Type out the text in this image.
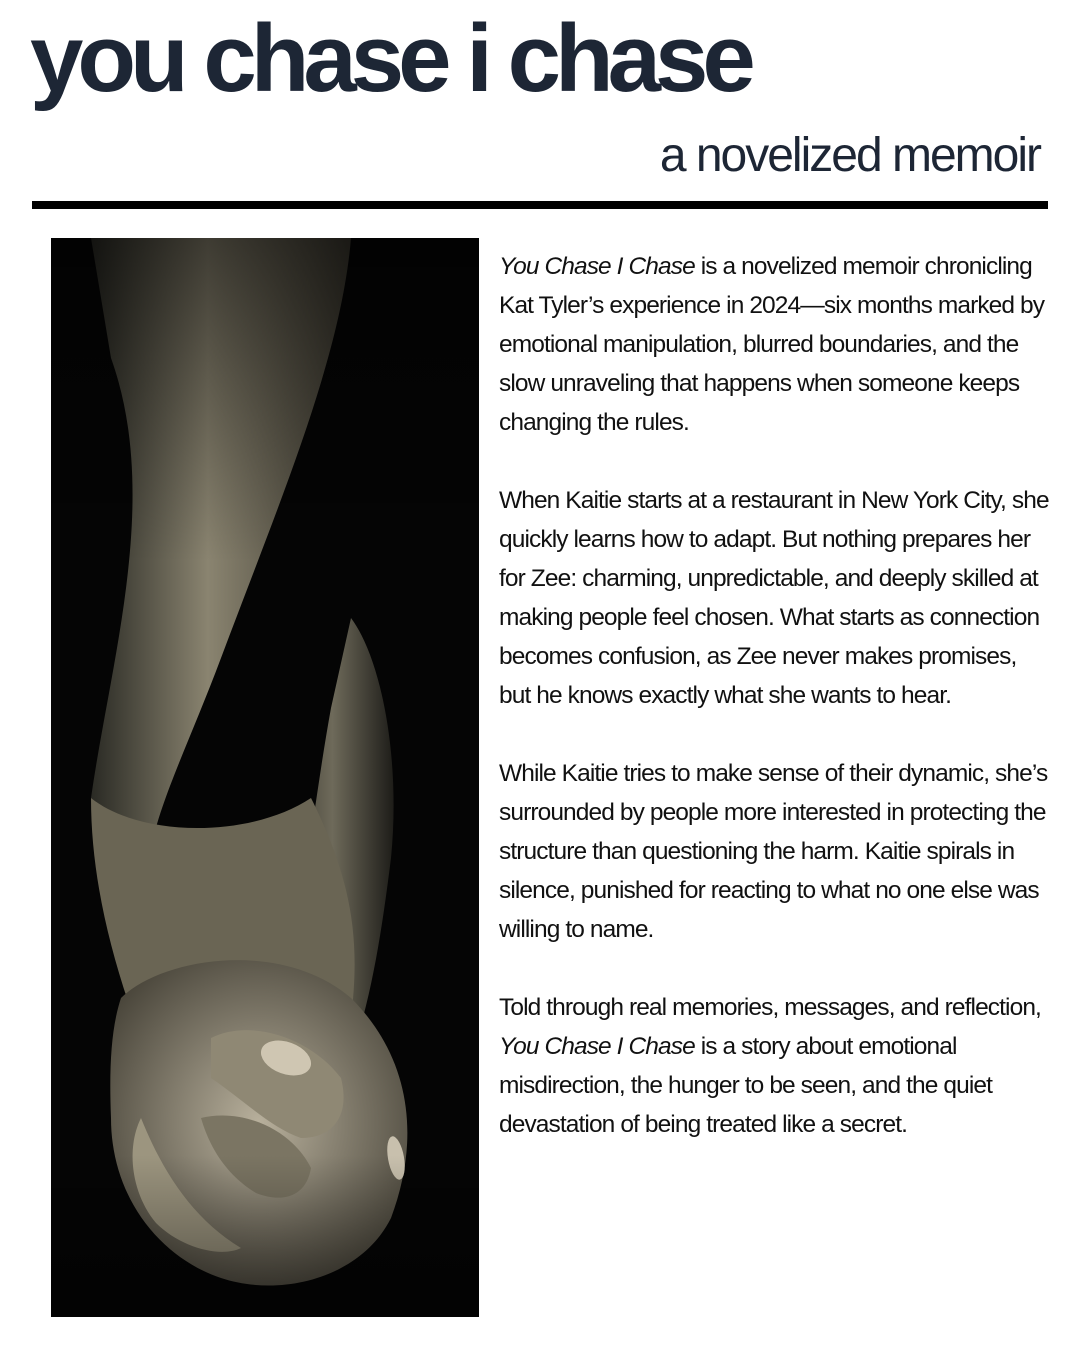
you chase i chase
a novelized memoir

You Chase I Chase is a novelized memoir chronicling Kat Tyler’s experience in 2024—six months marked by emotional manipulation, blurred boundaries, and the slow unraveling that happens when someone keeps changing the rules.

When Kaitie starts at a restaurant in New York City, she quickly learns how to adapt. But nothing prepares her for Zee: charming, unpredictable, and deeply skilled at making people feel chosen. What starts as connection becomes confusion, as Zee never makes promises, but he knows exactly what she wants to hear.

While Kaitie tries to make sense of their dynamic, she’s surrounded by people more interested in protecting the structure than questioning the harm. Kaitie spirals in silence, punished for reacting to what no one else was willing to name.

Told through real memories, messages, and reflection, You Chase I Chase is a story about emotional misdirection, the hunger to be seen, and the quiet devastation of being treated like a secret.
